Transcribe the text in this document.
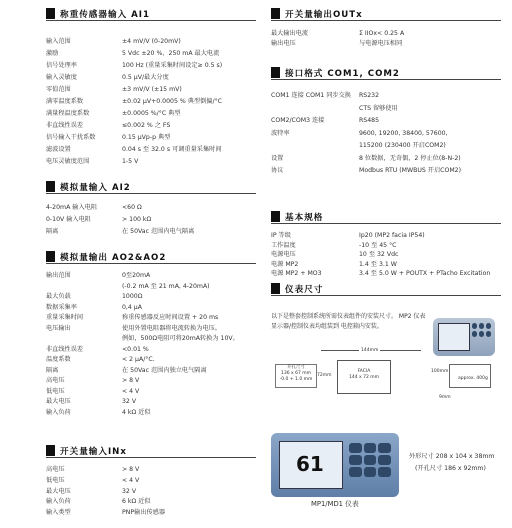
称重传感器输入 AI1
输入范围	±4 mV/V (0-20mV)
激励	5 Vdc ±20 %，250 mA 最大电流
信号处理率	100 Hz (重量采集时间设定≥ 0.5 s)
输入灵敏度	0.5 μV/最大分度
零值范围	±3 mV/V (±15 mV)
满零温度系数	±0.02 μV+0.0005 % 典型倒偏/°C
满量程温度系数	±0.0005 %/°C 典型
非直线性误差	≤0.002 % 之 FS
信号输入干扰系数	0.15 μVp-p 典型
滤波设置	0.04 s 至 32.0 s 可调重量采集时间
电压灵敏度范围	1-5 V
模拟量输入 AI2
4-20mA 输入电阻	<60 Ω
0-10V 输入电阻	> 100 kΩ
隔离	在 50Vac 范围内电气隔离
模拟量输出 AO2&AO2
输出范围	0至20mA
(-0.2 mA 至 21 mA, 4-20mA)
最大负载	1000Ω
数据采集率	0,4 μA
重量采集时间	称重传感器反应时间设置 + 20 ms
电压输出	使用外置电阻器将电流转换为电压。
例如，500Ω电阻可将20mA转换为 10V。
非直线性误差	<0.01 %
温度系数	< 2 μA/°C.
隔离	在 50Vac 范围内独立电气隔离
高电压	> 8 V
低电压	< 4 V
最大电压	32 V
输入负荷	4 kΩ 近似
开关量输入INx
高电压	> 8 V
低电压	< 4 V
最大电压	32 V
输入负荷	6 kΩ 近似
输入类型	PNP输出传感器
开关量输出OUTx
最大输出电流	Σ IIOx< 0.25 A
输出电压	与电源电压相同
接口格式 COM1, COM2
COM1 连接 COM1 同步交换 RS232
CTS 留够使用
COM2/COM3 连接	RS485
波特率	9600, 19200, 38400, 57600,
115200 (230400 开启COM2)
设置	8 位数据，无奇偶，2 停止位(8-N-2)
协议	Modbus RTU (MWBUS 开启COM2)
基本规格
IP 等级	Ip20 (MP2 facia IP54)
工作温度	-10 至 45 °C
电源电压	10 至 32 Vdc
电源 MP2	1.4 至 3.1 W
电源 MP2 + MO3	3.4 至 5.0 W + POUTX + PTacho Excitation
仪表尺寸
以下是整套控制系统所需仪表组件的安装尺寸。 MP2 仪表
显示器/控制仪表均组装到 电控箱内安装。
144mm
开孔尺寸
136 x 67 mm
-0.0 + 1.0 mm
72mm
FACIA
144 x 72 mm	approx. 400g
100mm
9mm
61	外形尺寸 208 x 104 x 38mm
(开孔尺寸 186 x 92mm)
MP1/MD1 仪表
